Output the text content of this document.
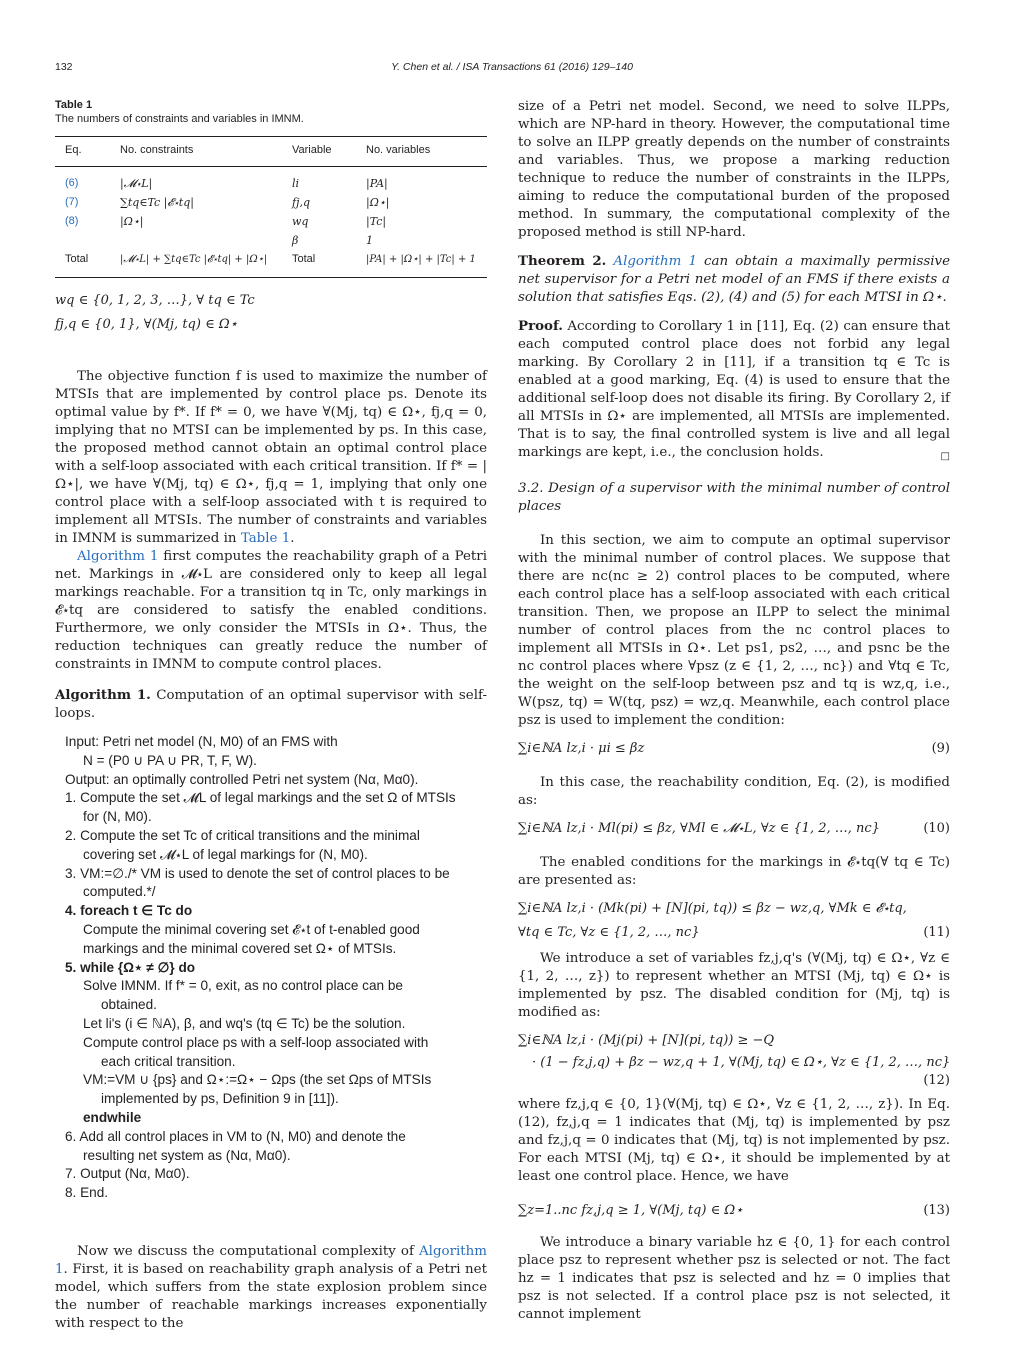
132	Y. Chen et al. / ISA Transactions 61 (2016) 129–140
Table 1
The numbers of constraints and variables in IMNM.
Eq.	No. constraints	Variable	No. variables
(6)	|𝓜⋆L|	li	|PA|
(7)	∑tq∈Tc |𝓔⋆tq|	fj,q	|Ω⋆|
(8)	|Ω⋆|	wq	|Tc|
		β	1
Total	|𝓜⋆L| + ∑tq∈Tc |𝓔⋆tq| + |Ω⋆|	Total	|PA| + |Ω⋆| + |Tc| + 1
wq ∈ {0, 1, 2, 3, …}, ∀ tq ∈ Tc
fj,q ∈ {0, 1}, ∀(Mj, tq) ∈ Ω⋆

The objective function f is used to maximize the number of MTSIs that are implemented by control place ps. Denote its optimal value by f*. If f* = 0, we have ∀(Mj, tq) ∈ Ω⋆, fj,q = 0, implying that no MTSI can be implemented by ps. In this case, the proposed method cannot obtain an optimal control place with a self-loop associated with each critical transition. If f* = |Ω⋆|, we have ∀(Mj, tq) ∈ Ω⋆, fj,q = 1, implying that only one control place with a self-loop associated with t is required to implement all MTSIs. The number of constraints and variables in IMNM is summarized in Table 1.

Algorithm 1 first computes the reachability graph of a Petri net. Markings in 𝓜⋆L are considered only to keep all legal markings reachable. For a transition tq in Tc, only markings in 𝓔⋆tq are considered to satisfy the enabled conditions. Furthermore, we only consider the MTSIs in Ω⋆. Thus, the reduction techniques can greatly reduce the number of constraints in IMNM to compute control places.

Algorithm 1. Computation of an optimal supervisor with self-loops.

Input: Petri net model (N, M0) of an FMS with
N = (P0 ∪ PA ∪ PR, T, F, W).
Output: an optimally controlled Petri net system (Nα, Mα0).
1. Compute the set 𝓜L of legal markings and the set Ω of MTSIs
for (N, M0).
2. Compute the set Tc of critical transitions and the minimal
covering set 𝓜⋆L of legal markings for (N, M0).
3. VM:=∅./* VM is used to denote the set of control places to be
computed.*/
4. foreach t ∈ Tc do
Compute the minimal covering set 𝓔⋆t of t-enabled good
markings and the minimal covered set Ω⋆ of MTSIs.
5. while {Ω⋆ ≠ ∅} do
Solve IMNM. If f* = 0, exit, as no control place can be
obtained.
Let li's (i ∈ ℕA), β, and wq's (tq ∈ Tc) be the solution.
Compute control place ps with a self-loop associated with
each critical transition.
VM:=VM ∪ {ps} and Ω⋆:=Ω⋆ − Ωps (the set Ωps of MTSIs
implemented by ps, Definition 9 in [11]).
endwhile
6. Add all control places in VM to (N, M0) and denote the
resulting net system as (Nα, Mα0).
7. Output (Nα, Mα0).
8. End.

Now we discuss the computational complexity of Algorithm 1. First, it is based on reachability graph analysis of a Petri net model, which suffers from the state explosion problem since the number of reachable markings increases exponentially with respect to the

size of a Petri net model. Second, we need to solve ILPPs, which are NP-hard in theory. However, the computational time to solve an ILPP greatly depends on the number of constraints and variables. Thus, we propose a marking reduction technique to reduce the number of constraints in the ILPPs, aiming to reduce the computational burden of the proposed method. In summary, the computational complexity of the proposed method is still NP-hard.

Theorem 2. Algorithm 1 can obtain a maximally permissive net supervisor for a Petri net model of an FMS if there exists a solution that satisfies Eqs. (2), (4) and (5) for each MTSI in Ω⋆.

Proof. According to Corollary 1 in [11], Eq. (2) can ensure that each computed control place does not forbid any legal marking. By Corollary 2 in [11], if a transition tq ∈ Tc is enabled at a good marking, Eq. (4) is used to ensure that the additional self-loop does not disable its firing. By Corollary 2, if all MTSIs in Ω⋆ are implemented, all MTSIs are implemented. That is to say, the final controlled system is live and all legal markings are kept, i.e., the conclusion holds.	□

3.2. Design of a supervisor with the minimal number of control places

In this section, we aim to compute an optimal supervisor with the minimal number of control places. We suppose that there are nc(nc ≥ 2) control places to be computed, where each control place has a self-loop associated with each critical transition. Then, we propose an ILPP to select the minimal number of control places from the nc control places to implement all MTSIs in Ω⋆. Let ps1, ps2, …, and psnc be the nc control places where ∀psz (z ∈ {1, 2, …, nc}) and ∀tq ∈ Tc, the weight on the self-loop between psz and tq is wz,q, i.e., W(psz, tq) = W(tq, psz) = wz,q. Meanwhile, each control place psz is used to implement the condition:

∑i∈ℕA lz,i · μi ≤ βz	(9)

In this case, the reachability condition, Eq. (2), is modified as:

∑i∈ℕA lz,i · Ml(pi) ≤ βz, ∀Ml ∈ 𝓜⋆L, ∀z ∈ {1, 2, …, nc}	(10)

The enabled conditions for the markings in 𝓔⋆tq(∀ tq ∈ Tc) are presented as:

∑i∈ℕA lz,i · (Mk(pi) + [N](pi, tq)) ≤ βz − wz,q, ∀Mk ∈ 𝓔⋆tq,
∀tq ∈ Tc, ∀z ∈ {1, 2, …, nc}	(11)

We introduce a set of variables fz,j,q's (∀(Mj, tq) ∈ Ω⋆, ∀z ∈ {1, 2, …, z}) to represent whether an MTSI (Mj, tq) ∈ Ω⋆ is implemented by psz. The disabled condition for (Mj, tq) is modified as:

∑i∈ℕA lz,i · (Mj(pi) + [N](pi, tq)) ≥ −Q
· (1 − fz,j,q) + βz − wz,q + 1, ∀(Mj, tq) ∈ Ω⋆, ∀z ∈ {1, 2, …, nc}
(12)

where fz,j,q ∈ {0, 1}(∀(Mj, tq) ∈ Ω⋆, ∀z ∈ {1, 2, …, z}). In Eq. (12), fz,j,q = 1 indicates that (Mj, tq) is implemented by psz and fz,j,q = 0 indicates that (Mj, tq) is not implemented by psz. For each MTSI (Mj, tq) ∈ Ω⋆, it should be implemented by at least one control place. Hence, we have

∑z=1..nc fz,j,q ≥ 1, ∀(Mj, tq) ∈ Ω⋆	(13)

We introduce a binary variable hz ∈ {0, 1} for each control place psz to represent whether psz is selected or not. The fact hz = 1 indicates that psz is selected and hz = 0 implies that psz is not selected. If a control place psz is not selected, it cannot implement
